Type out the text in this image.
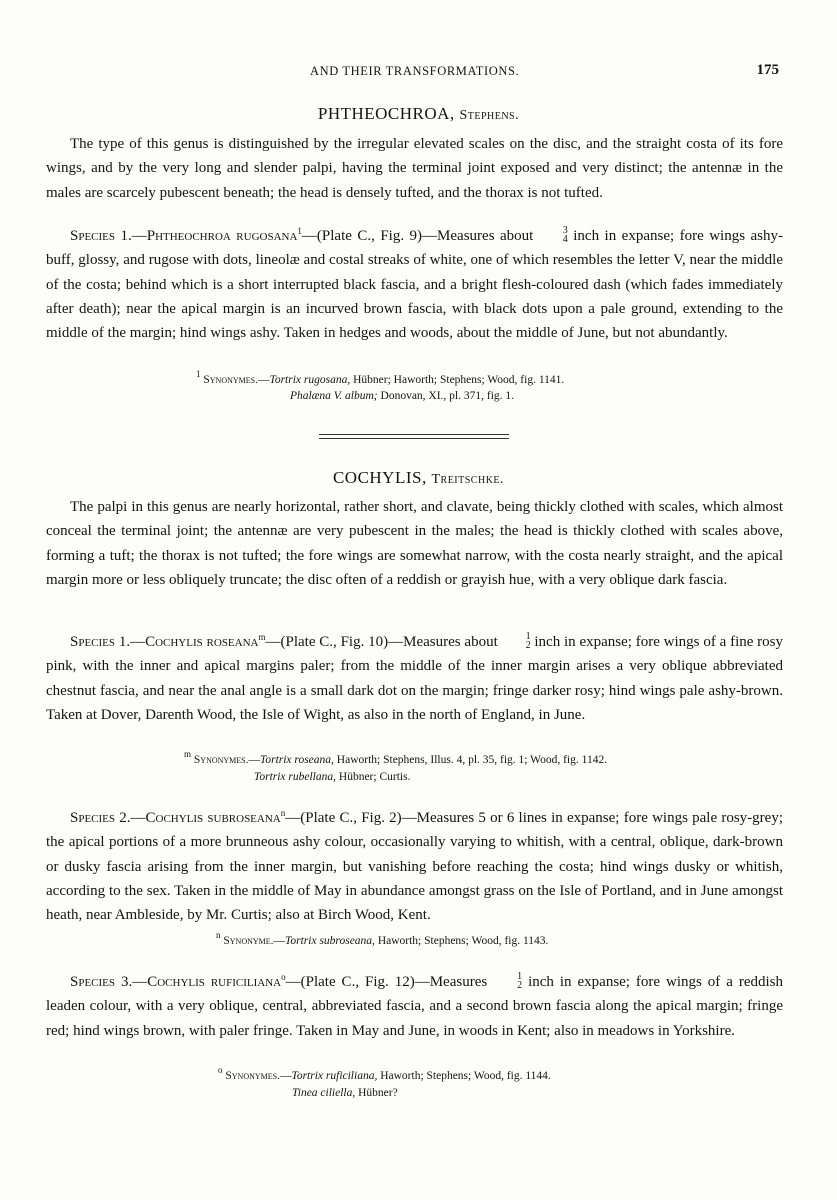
AND THEIR TRANSFORMATIONS.	175
PHTHEOCHROA, Stephens.
The type of this genus is distinguished by the irregular elevated scales on the disc, and the straight costa of its fore wings, and by the very long and slender palpi, having the terminal joint exposed and very distinct; the antennæ in the males are scarcely pubescent beneath; the head is densely tufted, and the thorax is not tufted.
Species 1.—Phtheochroa rugosana$^1$—(Plate C., Fig. 9)—Measures about	3
4 inch in expanse; fore wings ashy-buff, glossy, and rugose with dots, lineolæ and costal streaks of white, one of which resembles the letter V, near the middle of the costa; behind which is a short interrupted black fascia, and a bright flesh-coloured dash (which fades immediately after death); near the apical margin is an incurved brown fascia, with black dots upon a pale ground, extending to the middle of the margin; hind wings ashy. Taken in hedges and woods, about the middle of June, but not abundantly.
$^1$ Synonymes.—Tortrix rugosana, Hübner; Haworth; Stephens; Wood, fig. 1141.
Phalæna V. album; Donovan, XI., pl. 371, fig. 1.
COCHYLIS, Treitschke.
The palpi in this genus are nearly horizontal, rather short, and clavate, being thickly clothed with scales, which almost conceal the terminal joint; the antennæ are very pubescent in the males; the head is thickly clothed with scales above, forming a tuft; the thorax is not tufted; the fore wings are somewhat narrow, with the costa nearly straight, and the apical margin more or less obliquely truncate; the disc often of a reddish or grayish hue, with a very oblique dark fascia.
Species 1.—Cochylis roseana$^m$—(Plate C., Fig. 10)—Measures about	1
2 inch in expanse; fore wings of a fine rosy pink, with the inner and apical margins paler; from the middle of the inner margin arises a very oblique abbreviated chestnut fascia, and near the anal angle is a small dark dot on the margin; fringe darker rosy; hind wings pale ashy-brown. Taken at Dover, Darenth Wood, the Isle of Wight, as also in the north of England, in June.
$^m$ Synonymes.—Tortrix roseana, Haworth; Stephens, Illus. 4, pl. 35, fig. 1; Wood, fig. 1142.
Tortrix rubellana, Hübner; Curtis.
Species 2.—Cochylis subroseana$^n$—(Plate C., Fig. 2)—Measures 5 or 6 lines in expanse; fore wings pale rosy-grey; the apical portions of a more brunneous ashy colour, occasionally varying to whitish, with a central, oblique, dark-brown or dusky fascia arising from the inner margin, but vanishing before reaching the costa; hind wings dusky or whitish, according to the sex. Taken in the middle of May in abundance amongst grass on the Isle of Portland, and in June amongst heath, near Ambleside, by Mr. Curtis; also at Birch Wood, Kent.
$^n$ Synonyme.—Tortrix subroseana, Haworth; Stephens; Wood, fig. 1143.
Species 3.—Cochylis ruficiliana$^o$—(Plate C., Fig. 12)—Measures	1
2 inch in expanse; fore wings of a reddish leaden colour, with a very oblique, central, abbreviated fascia, and a second brown fascia along the apical margin; fringe red; hind wings brown, with paler fringe. Taken in May and June, in woods in Kent; also in meadows in Yorkshire.
$^o$ Synonymes.—Tortrix ruficiliana, Haworth; Stephens; Wood, fig. 1144.
Tinea ciliella, Hübner?
